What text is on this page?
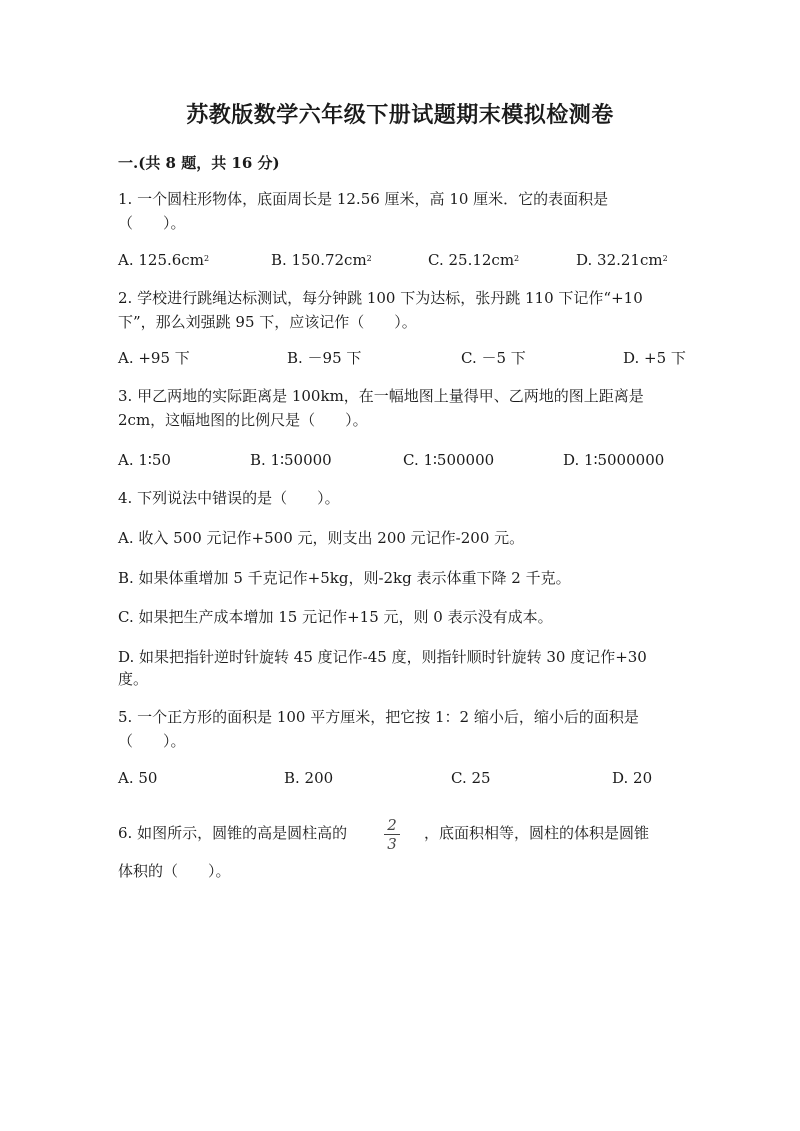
苏教版数学六年级下册试题期末模拟检测卷
一.(共 8 题，共 16 分)
1. 一个圆柱形物体，底面周长是 12.56 厘米，高 10 厘米．它的表面积是
（　　）。
A. $125.6cm^2$	B. $150.72cm^2$	C. $25.12cm^2$	D. $32.21cm^2$
2. 学校进行跳绳达标测试，每分钟跳 100 下为达标，张丹跳 110 下记作“+10
下”，那么刘强跳 95 下，应该记作（　　）。
A. +95 下	B. －95 下	C. －5 下	D. +5 下
3. 甲乙两地的实际距离是 100km，在一幅地图上量得甲、乙两地的图上距离是
2cm，这幅地图的比例尺是（　　）。
A. 1∶50	B. 1∶50000	C. 1∶500000	D. 1∶5000000
4. 下列说法中错误的是（　　）。
A. 收入 500 元记作+500 元，则支出 200 元记作-200 元。
B. 如果体重增加 5 千克记作+5kg，则-2kg 表示体重下降 2 千克。
C. 如果把生产成本增加 15 元记作+15 元，则 0 表示没有成本。
D. 如果把指针逆时针旋转 45 度记作-45 度，则指针顺时针旋转 30 度记作+30
度。
5. 一个正方形的面积是 100 平方厘米，把它按 1：2 缩小后，缩小后的面积是
（　　）。
A. 50	B. 200	C. 25	D. 20
6. 如图所示，圆锥的高是圆柱高的	2
3
，底面积相等，圆柱的体积是圆锥
体积的（　　）。
